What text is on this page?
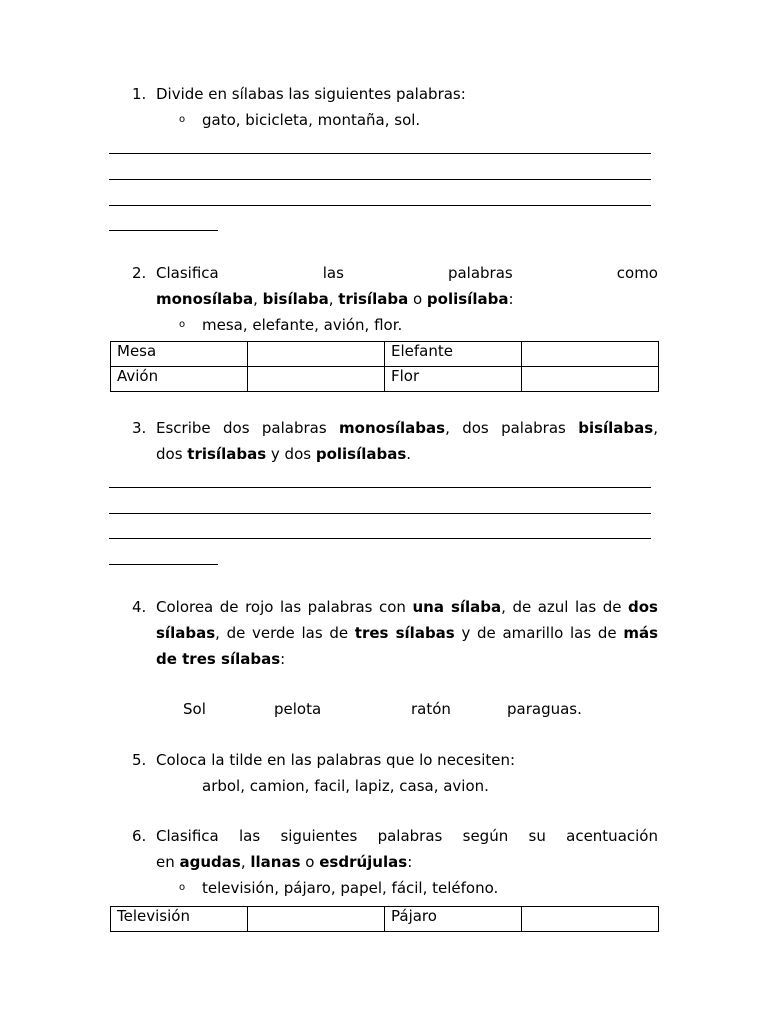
1. Divide en sílabas las siguientes palabras:
o gato, bicicleta, montaña, sol.
2. Clasifica	las	palabras	como
monosílaba, bisílaba, trisílaba o polisílaba:
o mesa, elefante, avión, flor.
Mesa		Elefante	
Avión		Flor	
3. Escribe dos palabras monosílabas, dos palabras bisílabas,
dos trisílabas y dos polisílabas.
4. Colorea de rojo las palabras con una sílaba, de azul las de dos
sílabas, de verde las de tres sílabas y de amarillo las de más
de tres sílabas:
Sol	pelota	ratón	paraguas.
5. Coloca la tilde en las palabras que lo necesiten:
arbol, camion, facil, lapiz, casa, avion.
6. Clasifica las siguientes palabras según su acentuación
en agudas, llanas o esdrújulas:
o televisión, pájaro, papel, fácil, teléfono.
Televisión		Pájaro	
